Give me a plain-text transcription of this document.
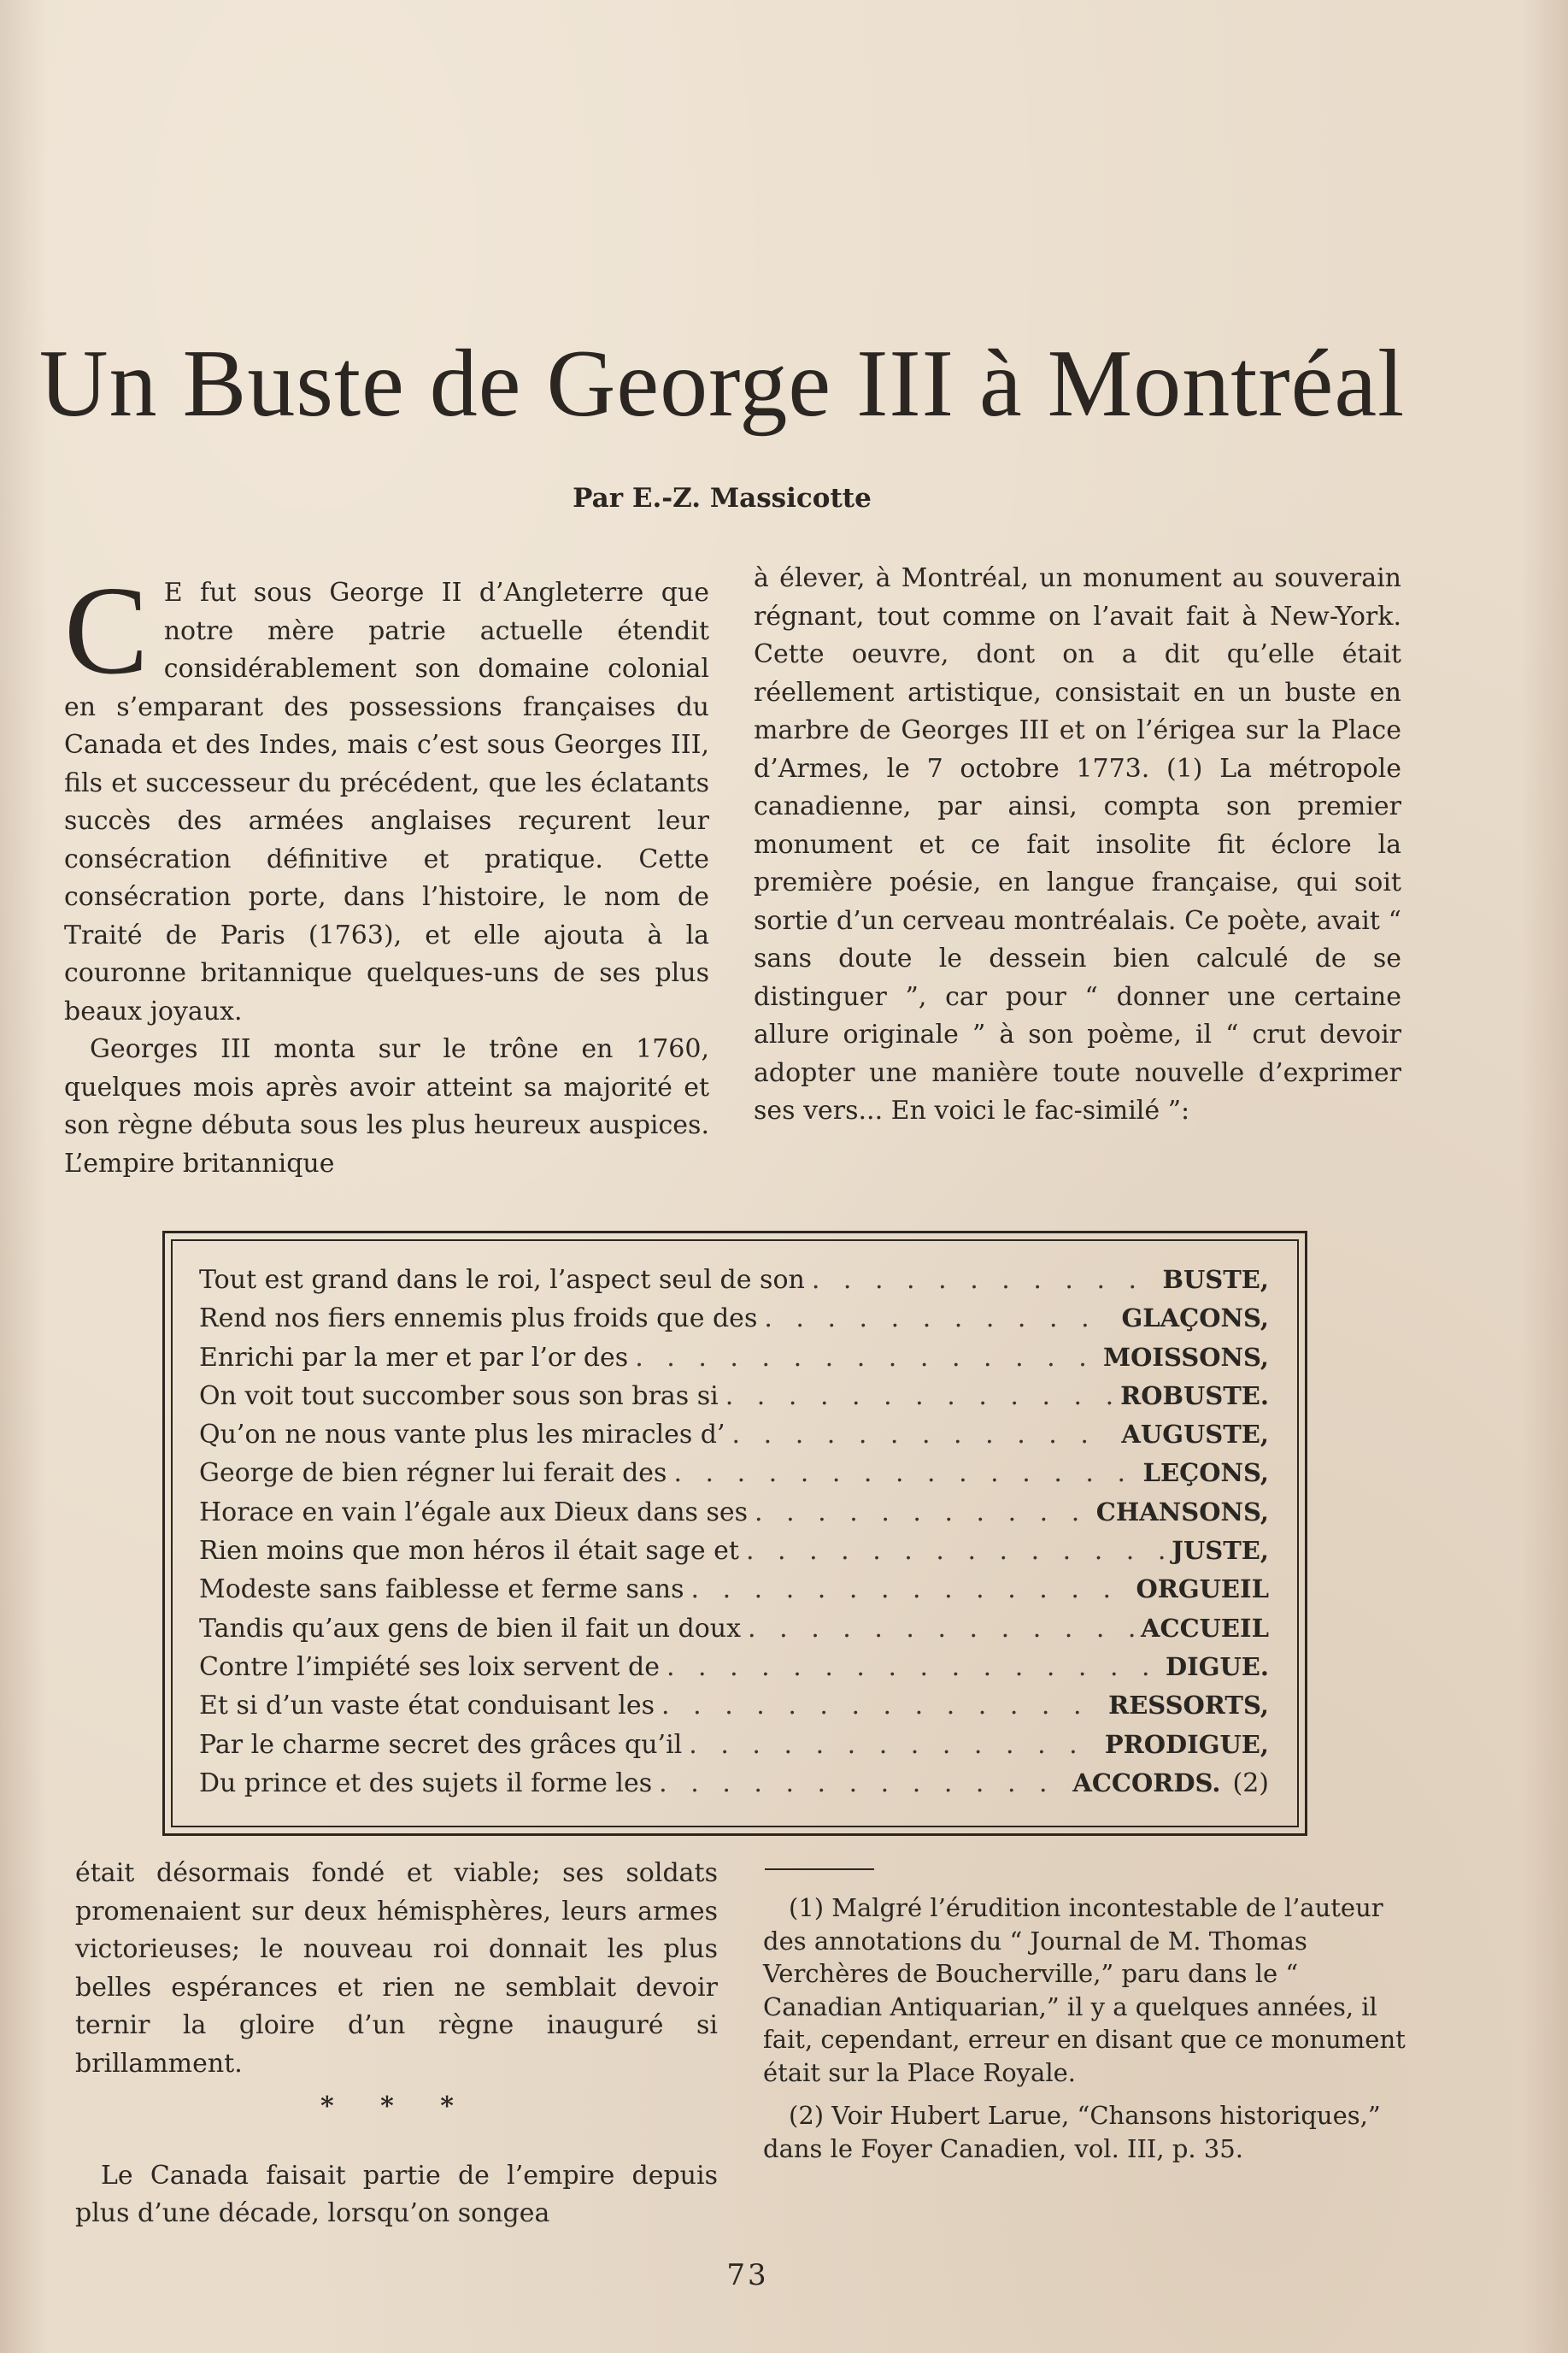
Un Buste de George III à Montréal
Par E.-Z. Massicotte

C E fut sous George II d’Angleterre que notre mère patrie actuelle étendit considérablement son domaine colonial en s’emparant des possessions françaises du Canada et des Indes, mais c’est sous Georges III, fils et successeur du précédent, que les éclatants succès des armées anglaises reçurent leur consécration définitive et pratique. Cette consécration porte, dans l’histoire, le nom de Traité de Paris (1763), et elle ajouta à la couronne britannique quelques-uns de ses plus beaux joyaux.

Georges III monta sur le trône en 1760, quelques mois après avoir atteint sa majorité et son règne débuta sous les plus heureux auspices. L’empire britannique

à élever, à Montréal, un monument au souverain régnant, tout comme on l’avait fait à New-York. Cette oeuvre, dont on a dit qu’elle était réellement artistique, consistait en un buste en marbre de Georges III et on l’érigea sur la Place d’Armes, le 7 octobre 1773. (1) La métropole canadienne, par ainsi, compta son premier monument et ce fait insolite fit éclore la première poésie, en langue française, qui soit sortie d’un cerveau montréalais. Ce poète, avait “ sans doute le dessein bien calculé de se distinguer ”, car pour “ donner une certaine allure originale ” à son poème, il “ crut devoir adopter une manière toute nouvelle d’exprimer ses vers... En voici le fac-similé ”:

Tout est grand dans le roi, l’aspect seul de son . . .	BUSTE,
Rend nos fiers ennemis plus froids que des . . .	GLAÇONS,
Enrichi par la mer et par l’or des . . .	MOISSONS,
On voit tout succomber sous son bras si . . .	ROBUSTE.
Qu’on ne nous vante plus les miracles d’ . . .	AUGUSTE,
George de bien régner lui ferait des . . .	LEÇONS,
Horace en vain l’égale aux Dieux dans ses . . .	CHANSONS,
Rien moins que mon héros il était sage et . . .	JUSTE,
Modeste sans faiblesse et ferme sans . . .	ORGUEIL
Tandis qu’aux gens de bien il fait un doux . . .	ACCUEIL
Contre l’impiété ses loix servent de . . .	DIGUE.
Et si d’un vaste état conduisant les . . .	RESSORTS,
Par le charme secret des grâces qu’il . . .	PRODIGUE,
Du prince et des sujets il forme les . . .	ACCORDS. (2)

était désormais fondé et viable; ses soldats promenaient sur deux hémisphères, leurs armes victorieuses; le nouveau roi donnait les plus belles espérances et rien ne semblait devoir ternir la gloire d’un règne inauguré si brillamment.

* * *

Le Canada faisait partie de l’empire depuis plus d’une décade, lorsqu’on songea

(1) Malgré l’érudition incontestable de l’auteur des annotations du “ Journal de M. Thomas Verchères de Boucherville,” paru dans le “ Canadian Antiquarian,” il y a quelques années, il fait, cependant, erreur en disant que ce monument était sur la Place Royale.

(2) Voir Hubert Larue, “Chansons historiques,” dans le Foyer Canadien, vol. III, p. 35.

73
